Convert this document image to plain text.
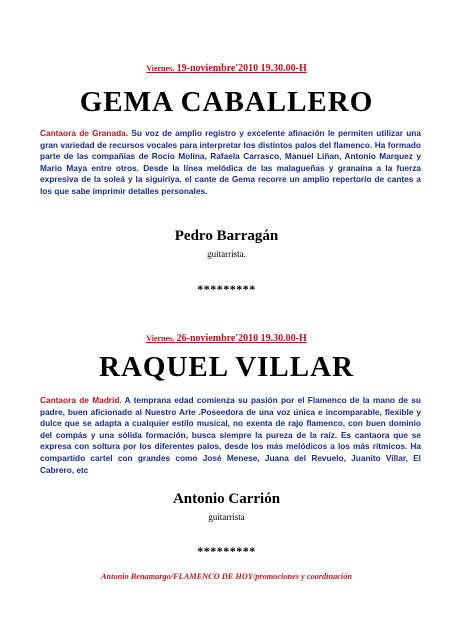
Viernes, 19-noviembre'2010 19.30.00-H
GEMA CABALLERO
Cantaora de Granada. Su voz de amplio registro y excelente afinación le permiten utilizar una gran variedad de recursos vocales para interpretar los distintos palos del flamenco. Ha formado parte de las compañías de Rocío Molina, Rafaela Carrasco, Manuel Liñan, Antonio Marquez y Mario Maya entre otros. Desde la línea melódica de las malagueñas y granaína a la fuerza expresiva de la soleá y la siguiriya, el cante de Gema recorre un amplio repertorio de cantes a los que sabe imprimir detalles personales.
Pedro Barragán
guitarrista.
*********
Viernes, 26-noviembre'2010 19.30.00-H
RAQUEL VILLAR
Cantaora de Madrid. A temprana edad comienza su pasión por el Flamenco de la mano de su padre, buen aficionado al Nuestro Arte .Poseedora de una voz única e incomparable, flexible y dulce que se adapta a cualquier estilo musical, no exenta de rajo flamenco, con buen dominio del compás y una sólida formación, busca siempre la pureza de la raíz. Es cantaora que se expresa con soltura por los diferentes palos, desde los más melódicos a los más rítmicos. Ha compartido cartel con grandes como José Menese, Juana del Revuelo, Juanito Villar, El Cabrero, etc
Antonio Carrión
guitarrista
*********
Antonio Benamargo/FLAMENCO DE HOY/promociones y coordinación
